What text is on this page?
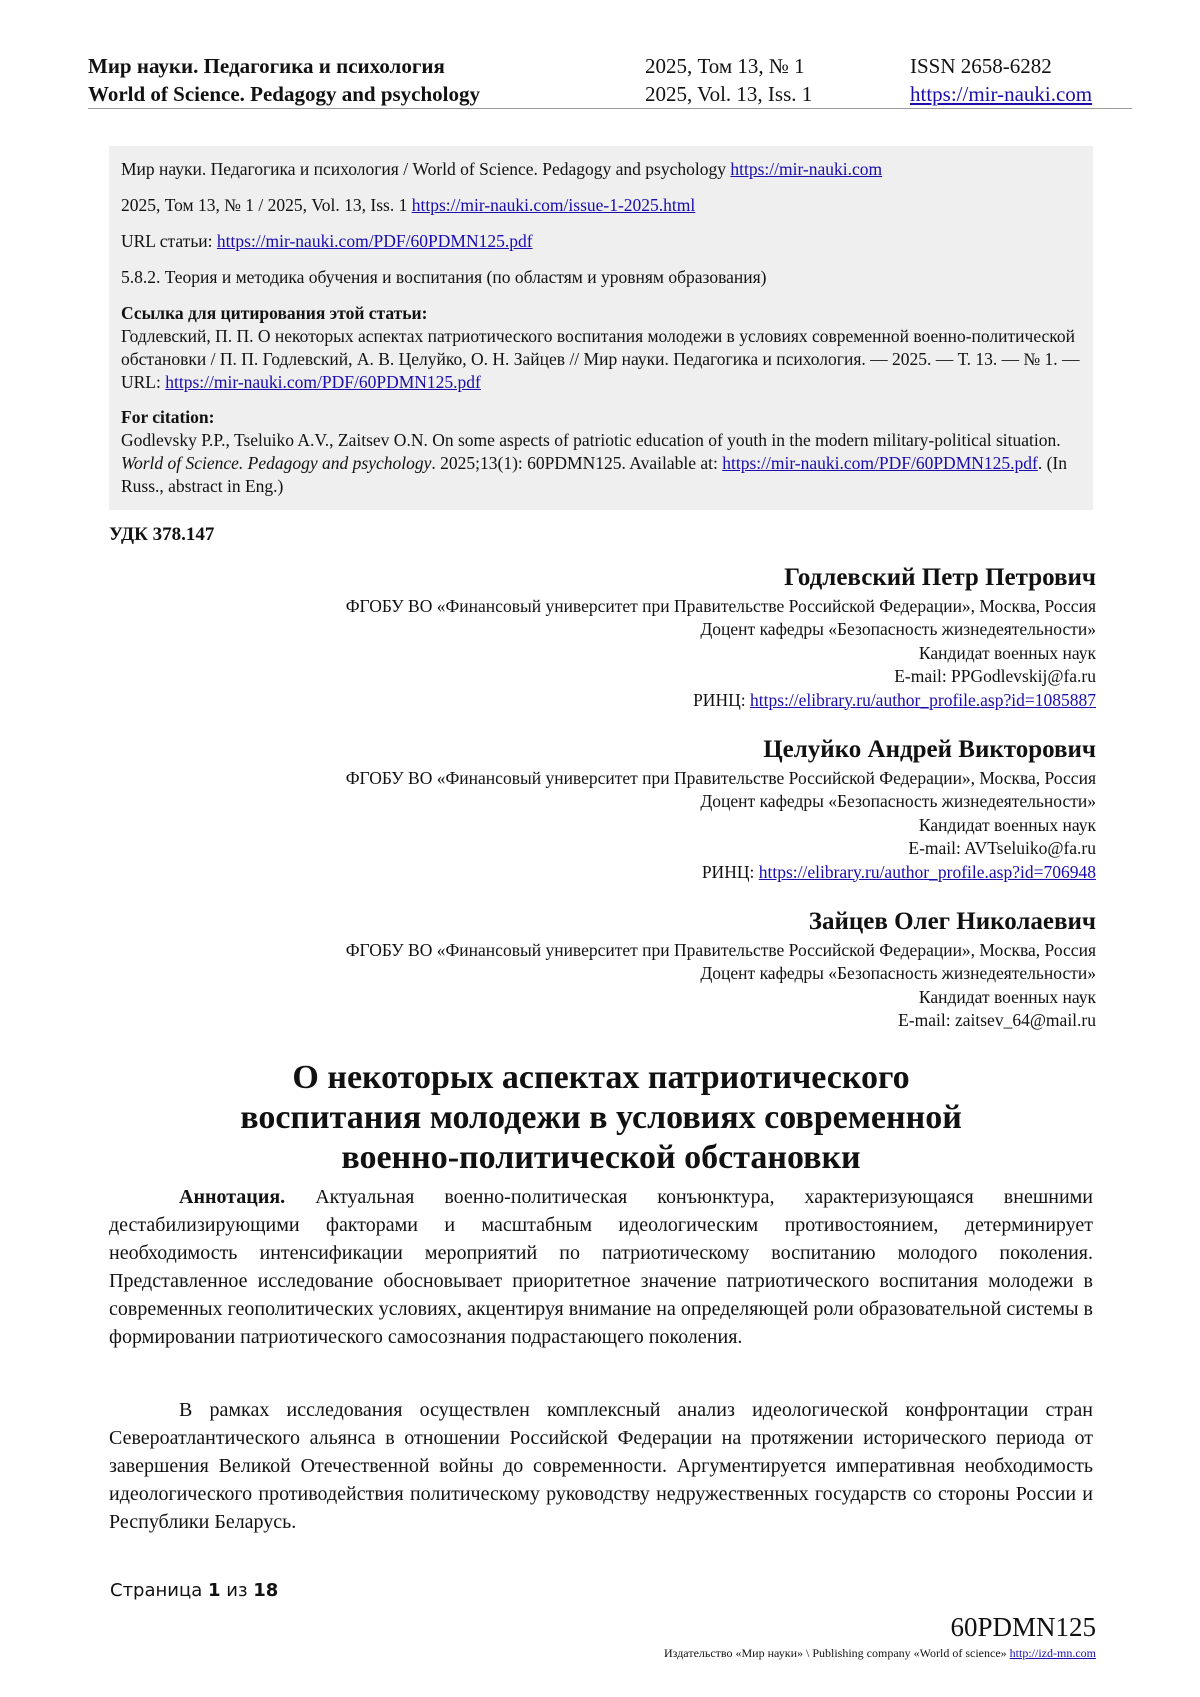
Мир науки. Педагогика и психология
World of Science. Pedagogy and psychology
2025, Том 13, № 1
2025, Vol. 13, Iss. 1
ISSN 2658-6282
https://mir-nauki.com

Мир науки. Педагогика и психология / World of Science. Pedagogy and psychology https://mir-nauki.com

2025, Том 13, № 1 / 2025, Vol. 13, Iss. 1 https://mir-nauki.com/issue-1-2025.html

URL статьи: https://mir-nauki.com/PDF/60PDMN125.pdf

5.8.2. Теория и методика обучения и воспитания (по областям и уровням образования)

Ссылка для цитирования этой статьи:
Годлевский, П. П. О некоторых аспектах патриотического воспитания молодежи в условиях современной военно-политической обстановки / П. П. Годлевский, А. В. Целуйко, О. Н. Зайцев // Мир науки. Педагогика и психология. — 2025. — Т. 13. — № 1. — URL: https://mir-nauki.com/PDF/60PDMN125.pdf
For citation:
Godlevsky P.P., Tseluiko A.V., Zaitsev O.N. On some aspects of patriotic education of youth in the modern military-political situation. World of Science. Pedagogy and psychology. 2025;13(1): 60PDMN125. Available at: https://mir-nauki.com/PDF/60PDMN125.pdf. (In Russ., abstract in Eng.)
УДК 378.147
Годлевский Петр Петрович
ФГОБУ ВО «Финансовый университет при Правительстве Российской Федерации», Москва, Россия
Доцент кафедры «Безопасность жизнедеятельности»
Кандидат военных наук
E-mail: PPGodlevskij@fa.ru
РИНЦ: https://elibrary.ru/author_profile.asp?id=1085887
Целуйко Андрей Викторович
ФГОБУ ВО «Финансовый университет при Правительстве Российской Федерации», Москва, Россия
Доцент кафедры «Безопасность жизнедеятельности»
Кандидат военных наук
E-mail: AVTseluiko@fa.ru
РИНЦ: https://elibrary.ru/author_profile.asp?id=706948
Зайцев Олег Николаевич
ФГОБУ ВО «Финансовый университет при Правительстве Российской Федерации», Москва, Россия
Доцент кафедры «Безопасность жизнедеятельности»
Кандидат военных наук
E-mail: zaitsev_64@mail.ru
О некоторых аспектах патриотического
воспитания молодежи в условиях современной
военно-политической обстановки

Аннотация. Актуальная военно-политическая конъюнктура, характеризующаяся внешними дестабилизирующими факторами и масштабным идеологическим противостоянием, детерминирует необходимость интенсификации мероприятий по патриотическому воспитанию молодого поколения. Представленное исследование обосновывает приоритетное значение патриотического воспитания молодежи в современных геополитических условиях, акцентируя внимание на определяющей роли образовательной системы в формировании патриотического самосознания подрастающего поколения.

В рамках исследования осуществлен комплексный анализ идеологической конфронтации стран Североатлантического альянса в отношении Российской Федерации на протяжении исторического периода от завершения Великой Отечественной войны до современности. Аргументируется императивная необходимость идеологического противодействия политическому руководству недружественных государств со стороны России и Республики Беларусь.

Страница 1 из 18
60PDMN125
Издательство «Мир науки» \ Publishing company «World of science» http://izd-mn.com
